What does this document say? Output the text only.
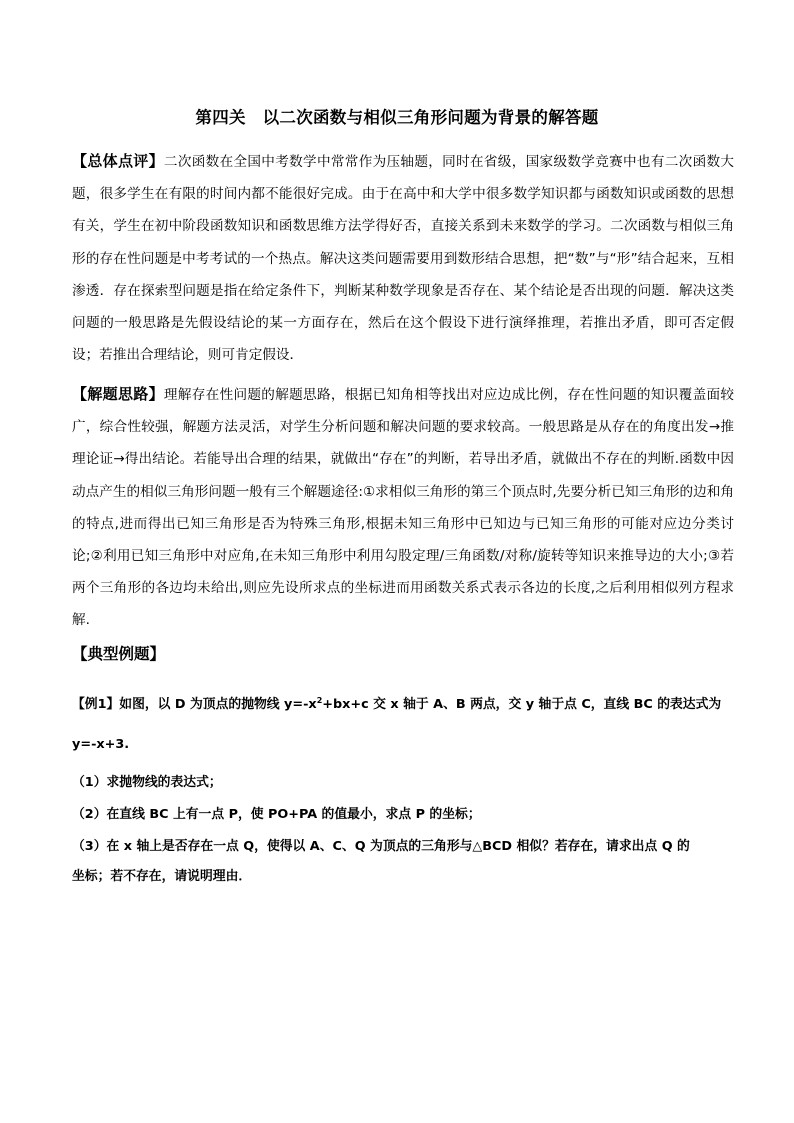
第四关　以二次函数与相似三角形问题为背景的解答题
【总体点评】二次函数在全国中考数学中常常作为压轴题，同时在省级，国家级数学竞赛中也有二次函数大题，很多学生在有限的时间内都不能很好完成。由于在高中和大学中很多数学知识都与函数知识或函数的思想有关，学生在初中阶段函数知识和函数思维方法学得好否，直接关系到未来数学的学习。二次函数与相似三角形的存在性问题是中考考试的一个热点。解决这类问题需要用到数形结合思想，把“数”与“形”结合起来，互相渗透．存在探索型问题是指在给定条件下，判断某种数学现象是否存在、某个结论是否出现的问题．解决这类问题的一般思路是先假设结论的某一方面存在，然后在这个假设下进行演绎推理，若推出矛盾，即可否定假设；若推出合理结论，则可肯定假设．
【解题思路】理解存在性问题的解题思路，根据已知角相等找出对应边成比例，存在性问题的知识覆盖面较广，综合性较强，解题方法灵活，对学生分析问题和解决问题的要求较高。一般思路是从存在的角度出发→推理论证→得出结论。若能导出合理的结果，就做出“存在”的判断，若导出矛盾，就做出不存在的判断.函数中因动点产生的相似三角形问题一般有三个解题途径:①求相似三角形的第三个顶点时,先要分析已知三角形的边和角的特点,进而得出已知三角形是否为特殊三角形,根据未知三角形中已知边与已知三角形的可能对应边分类讨论;②利用已知三角形中对应角,在未知三角形中利用勾股定理/三角函数/对称/旋转等知识来推导边的大小;③若两个三角形的各边均未给出,则应先设所求点的坐标进而用函数关系式表示各边的长度,之后利用相似列方程求解.
【典型例题】
【例1】如图，以 D 为顶点的抛物线 $y=-x^2+bx+c$ 交 x 轴于 A、B 两点，交 y 轴于点 C，直线 BC 的表达式为
y=-x+3.
（1）求抛物线的表达式；
（2）在直线 BC 上有一点 P，使 PO+PA 的值最小，求点 P 的坐标；
（3）在 x 轴上是否存在一点 Q，使得以 A、C、Q 为顶点的三角形与△BCD 相似？若存在，请求出点 Q 的
坐标；若不存在，请说明理由．
